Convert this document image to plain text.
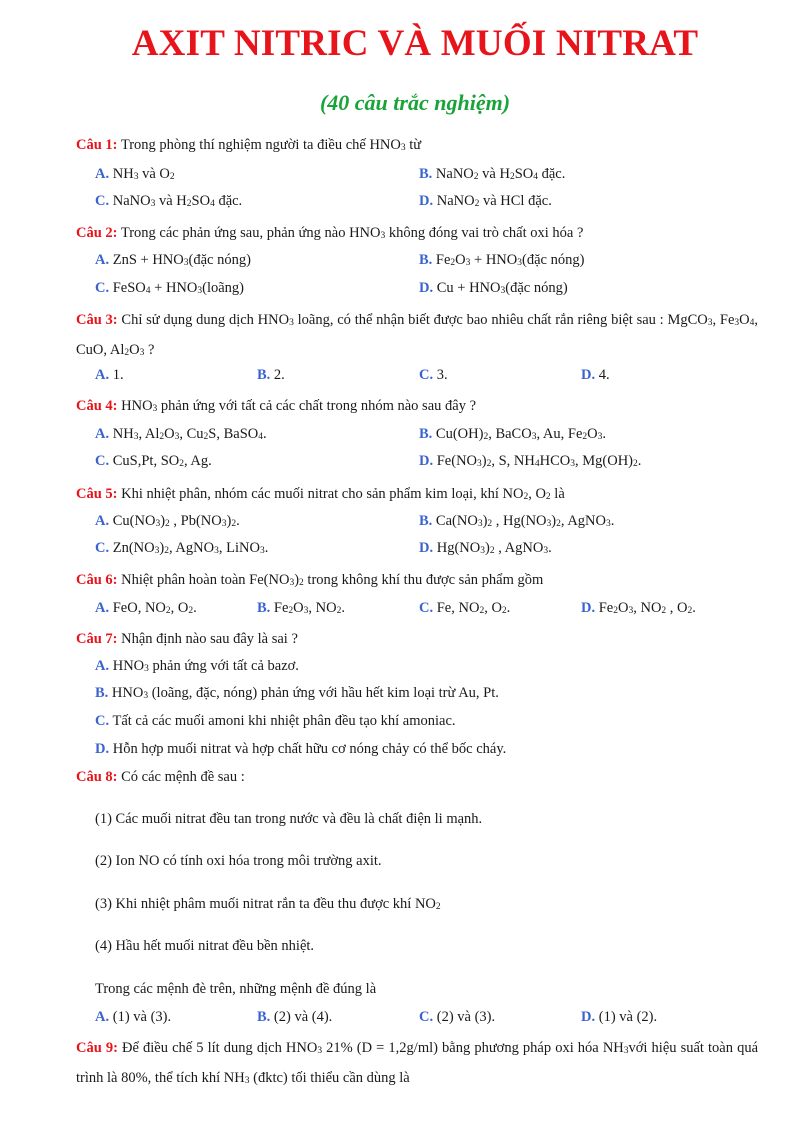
AXIT NITRIC VÀ MUỐI NITRAT
(40 câu trắc nghiệm)
Câu 1: Trong phòng thí nghiệm người ta điều chế $HNO_3$ từ
A. $NH_3$ và $O_2$	B. NaNO$_2$ và $H_2SO_4$ đặc.
C. NaNO$_3$ và $H_2SO_4$ đặc.	D. NaNO$_2$ và HCl đặc.
Câu 2: Trong các phản ứng sau, phản ứng nào $HNO_3$ không đóng vai trò chất oxi hóa ?
A. ZnS + $HNO_3(đặc$ nóng)	B. $Fe_2O_3$ + $HNO_3(đặc$ nóng)
C. FeSO$_4$ + $HNO_3(loãng)$	D. $Cu + HNO_3(đặc$ nóng)
Câu 3: Chỉ sử dụng dung dịch $HNO_3$ loãng, có thể nhận biết được bao nhiêu chất rắn riêng biệt sau : MgCO$_3$, $Fe_3O_4$, CuO, $Al_2O_3$ ?
A. 1.	B. 2.	C. 3.	D. 4.
Câu 4: $HNO_3$ phản ứng với tất cả các chất trong nhóm nào sau đây ?
A. $NH_3$, $Al_2O_3$, $Cu_2S$, BaSO$_4$.	B. $Cu(OH)_2$, BaCO$_3$, Au, $Fe_2O_3$.
C. CuS,Pt, $SO_2$, Ag.	D. $Fe(NO_3)_2$, S, $NH_4HCO_3$, $Mg(OH)_2$.
Câu 5: Khi nhiệt phân, nhóm các muối nitrat cho sản phẩm kim loại, khí $NO_2$, $O_2$ là
A. $Cu(NO_3)_2$ , $Pb(NO_3)_2$.	B. $Ca(NO_3)_2$ , $Hg(NO_3)_2$, AgNO$_3$.
C. $Zn(NO_3)_2$, AgNO$_3$, LiNO$_3$.	D. $Hg(NO_3)_2$ , AgNO$_3$.
Câu 6: Nhiệt phân hoàn toàn $Fe(NO_3)_2$ trong không khí thu được sản phẩm gồm
A. FeO, $NO_2$, $O_2$.	B. $Fe_2O_3$, $NO_2$.	C. Fe, $NO_2$, $O_2$.	D. $Fe_2O_3$, $NO_2$ , $O_2$.
Câu 7: Nhận định nào sau đây là sai ?
A. $HNO_3$ phản ứng với tất cả bazơ.
B. $HNO_3$ (loãng, đặc, nóng) phản ứng với hầu hết kim loại trừ Au, Pt.
C. Tất cả các muối amoni khi nhiệt phân đều tạo khí amoniac.
D. Hỗn hợp muối nitrat và hợp chất hữu cơ nóng chảy có thể bốc cháy.
Câu 8: Có các mệnh đề sau :
(1) Các muối nitrat đều tan trong nước và đều là chất điện li mạnh.
(2) Ion NO có tính oxi hóa trong môi trường axit.
(3) Khi nhiệt phâm muối nitrat rắn ta đều thu được khí $NO_2$
(4) Hầu hết muối nitrat đều bền nhiệt.
Trong các mệnh đè trên, những mệnh đề đúng là
A. (1) và (3).	B. (2) và (4).	C. (2) và (3).	D. (1) và (2).
Câu 9: Để điều chế 5 lít dung dịch $HNO_3$ 21% (D = 1,2g/ml) bằng phương pháp oxi hóa $NH_3với$ hiệu suất toàn quá trình là 80%, thể tích khí $NH_3$ (đktc) tối thiểu cần dùng là
